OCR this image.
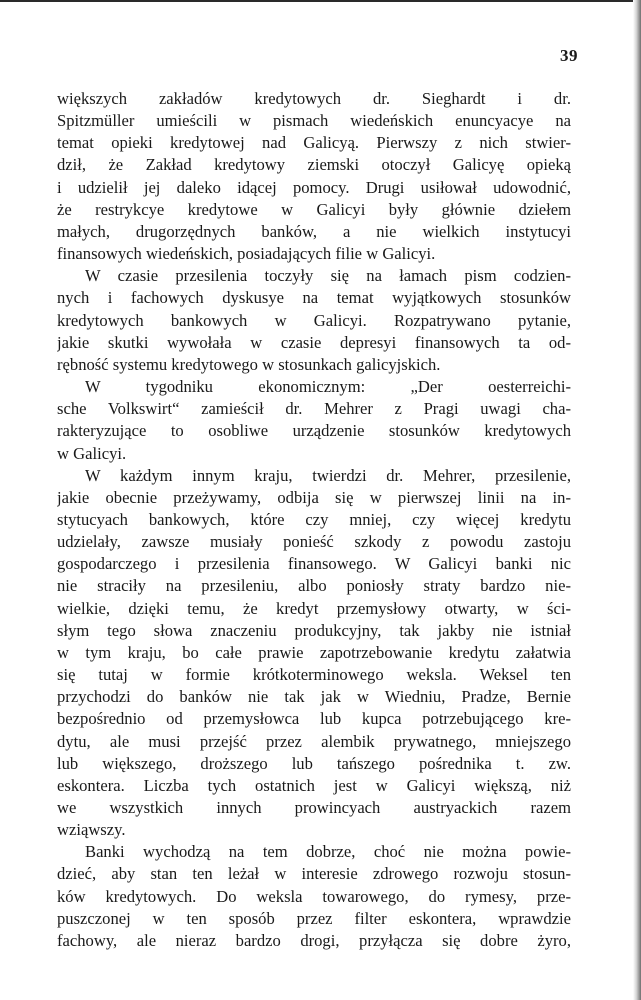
39
większych zakładów kredytowych dr. Sieghardt i dr.
Spitzmüller umieścili w pismach wiedeńskich enuncyacye na
temat opieki kredytowej nad Galicyą. Pierwszy z nich stwier-
dził, że Zakład kredytowy ziemski otoczył Galicyę opieką
i udzielił jej daleko idącej pomocy. Drugi usiłował udowodnić,
że restrykcye kredytowe w Galicyi były głównie dziełem
małych, drugorzędnych banków, a nie wielkich instytucyi
finansowych wiedeńskich, posiadających filie w Galicyi.
W czasie przesilenia toczyły się na łamach pism codzien-
nych i fachowych dyskusye na temat wyjątkowych stosunków
kredytowych bankowych w Galicyi. Rozpatrywano pytanie,
jakie skutki wywołała w czasie depresyi finansowych ta od-
rębność systemu kredytowego w stosunkach galicyjskich.
W tygodniku ekonomicznym: „Der oesterreichi-
sche Volkswirt“ zamieścił dr. Mehrer z Pragi uwagi cha-
rakteryzujące to osobliwe urządzenie stosunków kredytowych
w Galicyi.
W każdym innym kraju, twierdzi dr. Mehrer, przesilenie,
jakie obecnie przeżywamy, odbija się w pierwszej linii na in-
stytucyach bankowych, które czy mniej, czy więcej kredytu
udzielały, zawsze musiały ponieść szkody z powodu zastoju
gospodarczego i przesilenia finansowego. W Galicyi banki nic
nie straciły na przesileniu, albo poniosły straty bardzo nie-
wielkie, dzięki temu, że kredyt przemysłowy otwarty, w ści-
słym tego słowa znaczeniu produkcyjny, tak jakby nie istniał
w tym kraju, bo całe prawie zapotrzebowanie kredytu załatwia
się tutaj w formie krótkoterminowego weksla. Weksel ten
przychodzi do banków nie tak jak w Wiedniu, Pradze, Bernie
bezpośrednio od przemysłowca lub kupca potrzebującego kre-
dytu, ale musi przejść przez alembik prywatnego, mniejszego
lub większego, droższego lub tańszego pośrednika t. zw.
eskontera. Liczba tych ostatnich jest w Galicyi większą, niż
we wszystkich innych prowincyach austryackich razem
wziąwszy.
Banki wychodzą na tem dobrze, choć nie można powie-
dzieć, aby stan ten leżał w interesie zdrowego rozwoju stosun-
ków kredytowych. Do weksla towarowego, do rymesy, prze-
puszczonej w ten sposób przez filter eskontera, wprawdzie
fachowy, ale nieraz bardzo drogi, przyłącza się dobre żyro,
